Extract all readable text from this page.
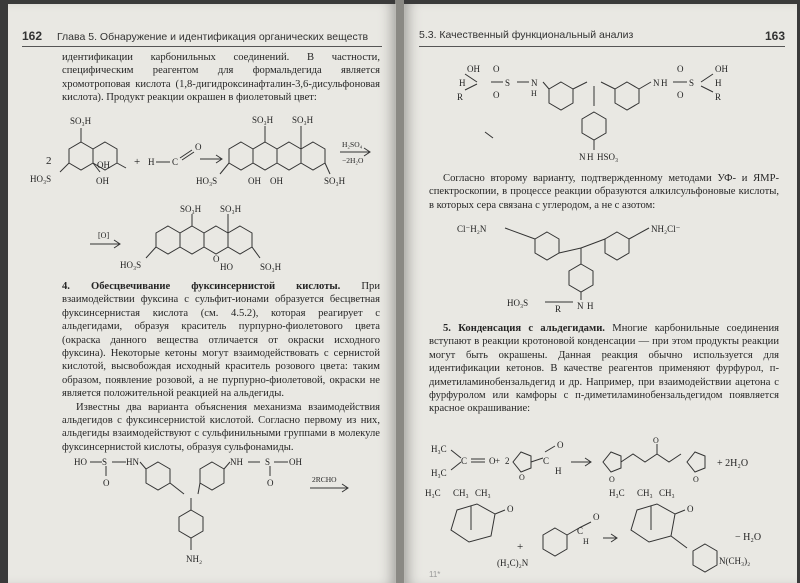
162 Глава 5. Обнаружение и идентификация органических веществ

идентификации карбонильных соединений. В частности, специфическим реагентом для формальдегида является хромотроповая кислота (1,8-дигидроксинафталин-3,6-дисульфоновая кислота). Продукт реакции окрашен в фиолетовый цвет:

2
SO₃H
OH
HO₃S	OH
+ H C
O
SO₃H SO₃H
HO₃S	OH OH	SO₃H
H₂SO₄
−2H₂O
[O]
SO₃H SO₃H
HO₃S
O
HO	SO₃H

4. Обесцвечивание фуксинсернистой кислоты. При взаимодействии фуксина с сульфит-ионами образуется бесцветная фуксинсернистая кислота (см. 4.5.2), которая реагирует с альдегидами, образуя краситель пурпурно-фиолетового цвета (окраска данного вещества отличается от окраски исходного фуксина). Некоторые кетоны могут взаимодействовать с сернистой кислотой, высвобождая исходный краситель розового цвета: таким образом, появление розовой, а не пурпурно-фиолетовой, окраски не является положительной реакцией на альдегиды.

Известны два варианта объяснения механизма взаимодействия альдегидов с фуксинсернистой кислотой. Согласно первому из них, альдегиды взаимодействуют с сульфинильными группами в молекуле фуксинсернистой кислоты, образуя сульфонамиды.

HO S
O
HN	NH S OH
O
NH₂
2RCHO
5.3. Качественный функциональный анализ	163
OH
R
H
O
O
S N
H
N H
O
O
S
OH
H
R
N H HSO₃

Согласно второму варианту, подтвержденному методами УФ- и ЯМР-спектроскопии, в процессе реакции образуются алкилсульфоновые кислоты, в которых сера связана с углеродом, а не с азотом:

Cl⁻H₂N	NH₂Cl⁻
HO₃S
R N H

5. Конденсация с альдегидами. Многие карбонильные соединения вступают в реакции кротоновой конденсации — при этом продукты реакции могут быть окрашены. Данная реакция обычно используется для идентификации кетонов. В качестве реагентов применяют фурфурол, п-диметиламинобензальдегид и др. Например, при взаимодействии ацетона с фурфуролом или камфоры с п-диметиламинобензальдегидом появляется красное окрашивание:

H₃C
C O
H₃C
+ 2
O
C
O
H
O
O
O
+ 2H₂O
H₃C CH₃ CH₃
O
+
(H₃C)₂N
C
H
O
H₃C CH₃ CH₃
O
N(CH₃)₂
− H₂O
11*
